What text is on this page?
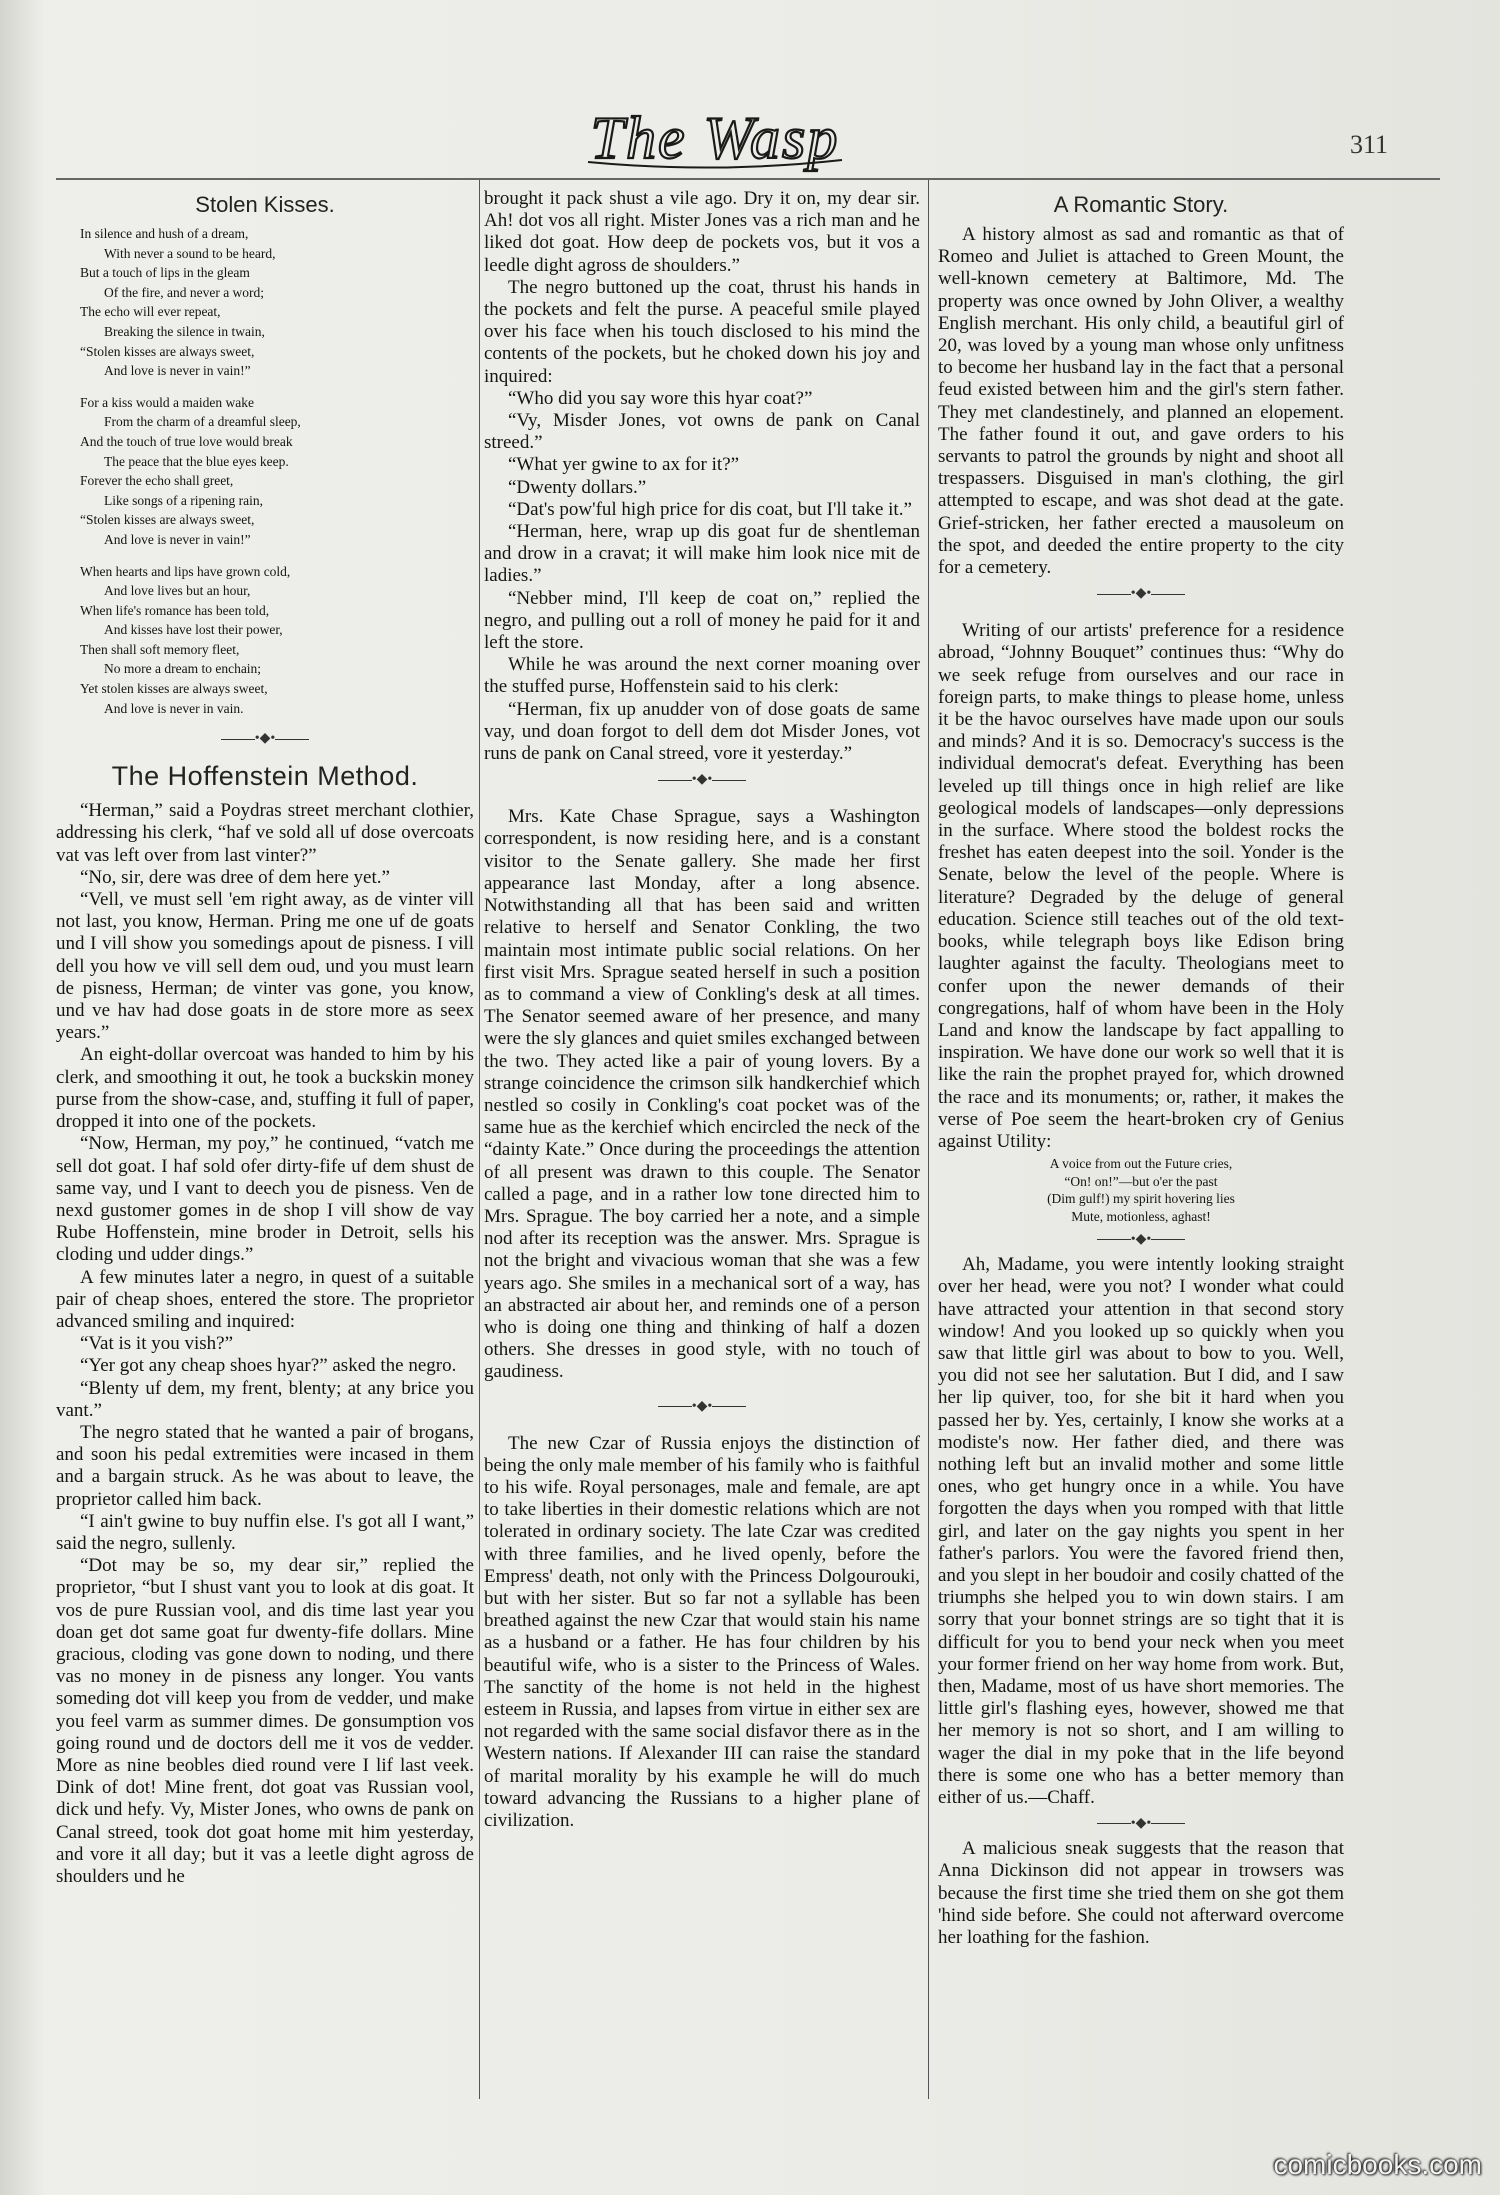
The Wasp	311
Stolen Kisses.
In silence and hush of a dream,
With never a sound to be heard,
But a touch of lips in the gleam
Of the fire, and never a word;
The echo will ever repeat,
Breaking the silence in twain,
“Stolen kisses are always sweet,
And love is never in vain!”
For a kiss would a maiden wake
From the charm of a dreamful sleep,
And the touch of true love would break
The peace that the blue eyes keep.
Forever the echo shall greet,
Like songs of a ripening rain,
“Stolen kisses are always sweet,
And love is never in vain!”
When hearts and lips have grown cold,
And love lives but an hour,
When life's romance has been told,
And kisses have lost their power,
Then shall soft memory fleet,
No more a dream to enchain;
Yet stolen kisses are always sweet,
And love is never in vain.
•◆•
The Hoffenstein Method.

“Herman,” said a Poydras street merchant clothier, addressing his clerk, “haf ve sold all uf dose overcoats vat vas left over from last vinter?”

“No, sir, dere was dree of dem here yet.”

“Vell, ve must sell 'em right away, as de vinter vill not last, you know, Herman. Pring me one uf de goats und I vill show you somedings apout de pisness. I vill dell you how ve vill sell dem oud, und you must learn de pisness, Herman; de vinter vas gone, you know, und ve hav had dose goats in de store more as seex years.”

An eight-dollar overcoat was handed to him by his clerk, and smoothing it out, he took a buckskin money purse from the show-case, and, stuffing it full of paper, dropped it into one of the pockets.

“Now, Herman, my poy,” he continued, “vatch me sell dot goat. I haf sold ofer dirty-fife uf dem shust de same vay, und I vant to deech you de pisness. Ven de nexd gustomer gomes in de shop I vill show de vay Rube Hoffenstein, mine broder in Detroit, sells his cloding und udder dings.”

A few minutes later a negro, in quest of a suitable pair of cheap shoes, entered the store. The proprietor advanced smiling and inquired:

“Vat is it you vish?”

“Yer got any cheap shoes hyar?” asked the negro.

“Blenty uf dem, my frent, blenty; at any brice you vant.”

The negro stated that he wanted a pair of brogans, and soon his pedal extremities were incased in them and a bargain struck. As he was about to leave, the proprietor called him back.

“I ain't gwine to buy nuffin else. I's got all I want,” said the negro, sullenly.

“Dot may be so, my dear sir,” replied the proprietor, “but I shust vant you to look at dis goat. It vos de pure Russian vool, and dis time last year you doan get dot same goat fur dwenty-fife dollars. Mine gracious, cloding vas gone down to noding, und there vas no money in de pisness any longer. You vants someding dot vill keep you from de vedder, und make you feel varm as summer dimes. De gonsumption vos going round und de doctors dell me it vos de vedder. More as nine beobles died round vere I lif last veek. Dink of dot! Mine frent, dot goat vas Russian vool, dick und hefy. Vy, Mister Jones, who owns de pank on Canal streed, took dot goat home mit him yesterday, and vore it all day; but it vas a leetle dight agross de shoulders und he

brought it pack shust a vile ago. Dry it on, my dear sir. Ah! dot vos all right. Mister Jones vas a rich man and he liked dot goat. How deep de pockets vos, but it vos a leedle dight agross de shoulders.”

The negro buttoned up the coat, thrust his hands in the pockets and felt the purse. A peaceful smile played over his face when his touch disclosed to his mind the contents of the pockets, but he choked down his joy and inquired:

“Who did you say wore this hyar coat?”

“Vy, Misder Jones, vot owns de pank on Canal streed.”

“What yer gwine to ax for it?”

“Dwenty dollars.”

“Dat's pow'ful high price for dis coat, but I'll take it.”

“Herman, here, wrap up dis goat fur de shentleman and drow in a cravat; it will make him look nice mit de ladies.”

“Nebber mind, I'll keep de coat on,” replied the negro, and pulling out a roll of money he paid for it and left the store.

While he was around the next corner moaning over the stuffed purse, Hoffenstein said to his clerk:

“Herman, fix up anudder von of dose goats de same vay, und doan forgot to dell dem dot Misder Jones, vot runs de pank on Canal streed, vore it yesterday.”

•◆•

Mrs. Kate Chase Sprague, says a Washington correspondent, is now residing here, and is a constant visitor to the Senate gallery. She made her first appearance last Monday, after a long absence. Notwithstanding all that has been said and written relative to herself and Senator Conkling, the two maintain most intimate public social relations. On her first visit Mrs. Sprague seated herself in such a position as to command a view of Conkling's desk at all times. The Senator seemed aware of her presence, and many were the sly glances and quiet smiles exchanged between the two. They acted like a pair of young lovers. By a strange coincidence the crimson silk handkerchief which nestled so cosily in Conkling's coat pocket was of the same hue as the kerchief which encircled the neck of the “dainty Kate.” Once during the proceedings the attention of all present was drawn to this couple. The Senator called a page, and in a rather low tone directed him to Mrs. Sprague. The boy carried her a note, and a simple nod after its reception was the answer. Mrs. Sprague is not the bright and vivacious woman that she was a few years ago. She smiles in a mechanical sort of a way, has an abstracted air about her, and reminds one of a person who is doing one thing and thinking of half a dozen others. She dresses in good style, with no touch of gaudiness.

•◆•

The new Czar of Russia enjoys the distinction of being the only male member of his family who is faithful to his wife. Royal personages, male and female, are apt to take liberties in their domestic relations which are not tolerated in ordinary society. The late Czar was credited with three families, and he lived openly, before the Empress' death, not only with the Princess Dolgourouki, but with her sister. But so far not a syllable has been breathed against the new Czar that would stain his name as a husband or a father. He has four children by his beautiful wife, who is a sister to the Princess of Wales. The sanctity of the home is not held in the highest esteem in Russia, and lapses from virtue in either sex are not regarded with the same social disfavor there as in the Western nations. If Alexander III can raise the standard of marital morality by his example he will do much toward advancing the Russians to a higher plane of civilization.

A Romantic Story.

A history almost as sad and romantic as that of Romeo and Juliet is attached to Green Mount, the well-known cemetery at Baltimore, Md. The property was once owned by John Oliver, a wealthy English merchant. His only child, a beautiful girl of 20, was loved by a young man whose only unfitness to become her husband lay in the fact that a personal feud existed between him and the girl's stern father. They met clandestinely, and planned an elopement. The father found it out, and gave orders to his servants to patrol the grounds by night and shoot all trespassers. Disguised in man's clothing, the girl attempted to escape, and was shot dead at the gate. Grief-stricken, her father erected a mausoleum on the spot, and deeded the entire property to the city for a cemetery.

•◆•

Writing of our artists' preference for a residence abroad, “Johnny Bouquet” continues thus: “Why do we seek refuge from ourselves and our race in foreign parts, to make things to please home, unless it be the havoc ourselves have made upon our souls and minds? And it is so. Democracy's success is the individual democrat's defeat. Everything has been leveled up till things once in high relief are like geological models of landscapes—only depressions in the surface. Where stood the boldest rocks the freshet has eaten deepest into the soil. Yonder is the Senate, below the level of the people. Where is literature? Degraded by the deluge of general education. Science still teaches out of the old text-books, while telegraph boys like Edison bring laughter against the faculty. Theologians meet to confer upon the newer demands of their congregations, half of whom have been in the Holy Land and know the landscape by fact appalling to inspiration. We have done our work so well that it is like the rain the prophet prayed for, which drowned the race and its monuments; or, rather, it makes the verse of Poe seem the heart-broken cry of Genius against Utility:

A voice from out the Future cries,
“On! on!”—but o'er the past
(Dim gulf!) my spirit hovering lies
Mute, motionless, aghast!
•◆•

Ah, Madame, you were intently looking straight over her head, were you not? I wonder what could have attracted your attention in that second story window! And you looked up so quickly when you saw that little girl was about to bow to you. Well, you did not see her salutation. But I did, and I saw her lip quiver, too, for she bit it hard when you passed her by. Yes, certainly, I know she works at a modiste's now. Her father died, and there was nothing left but an invalid mother and some little ones, who get hungry once in a while. You have forgotten the days when you romped with that little girl, and later on the gay nights you spent in her father's parlors. You were the favored friend then, and you slept in her boudoir and cosily chatted of the triumphs she helped you to win down stairs. I am sorry that your bonnet strings are so tight that it is difficult for you to bend your neck when you meet your former friend on her way home from work. But, then, Madame, most of us have short memories. The little girl's flashing eyes, however, showed me that her memory is not so short, and I am willing to wager the dial in my poke that in the life beyond there is some one who has a better memory than either of us.—Chaff.

•◆•

A malicious sneak suggests that the reason that Anna Dickinson did not appear in trowsers was because the first time she tried them on she got them 'hind side before. She could not afterward overcome her loathing for the fashion.

comicbooks.com
